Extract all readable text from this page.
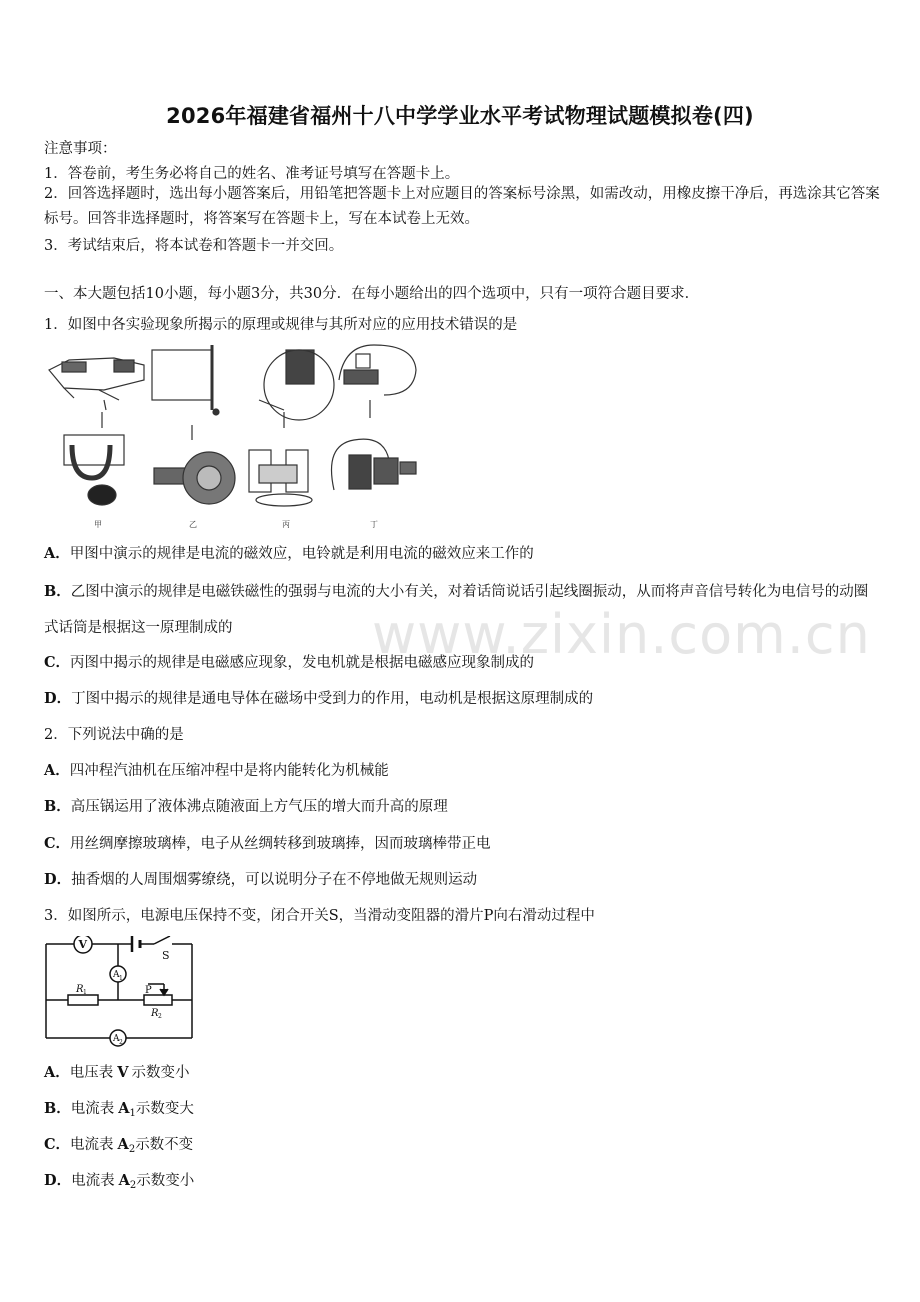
www.zixin.com.cn
2026年福建省福州十八中学学业水平考试物理试题模拟卷(四)
注意事项：
1．答卷前，考生务必将自己的姓名、准考证号填写在答题卡上。
2．回答选择题时，选出每小题答案后，用铅笔把答题卡上对应题目的答案标号涂黑，如需改动，用橡皮擦干净后，再选涂其它答案标号。回答非选择题时，将答案写在答题卡上，写在本试卷上无效。
3．考试结束后，将本试卷和答题卡一并交回。
一、本大题包括10小题，每小题3分，共30分．在每小题给出的四个选项中，只有一项符合题目要求．
1．如图中各实验现象所揭示的原理或规律与其所对应的应用技术错误的是
甲	乙	丙	丁
A．甲图中演示的规律是电流的磁效应，电铃就是利用电流的磁效应来工作的
B．乙图中演示的规律是电磁铁磁性的强弱与电流的大小有关，对着话筒说话引起线圈振动，从而将声音信号转化为电信号的动圈式话筒是根据这一原理制成的
C．丙图中揭示的规律是电磁感应现象，发电机就是根据电磁感应现象制成的
D．丁图中揭示的规律是通电导体在磁场中受到力的作用，电动机是根据这原理制成的
2．下列说法中确的是
A．四冲程汽油机在压缩冲程中是将内能转化为机械能
B．高压锅运用了液体沸点随液面上方气压的增大而升高的原理
C．用丝绸摩擦玻璃棒，电子从丝绸转移到玻璃捧，因而玻璃棒带正电
D．抽香烟的人周围烟雾缭绕，可以说明分子在不停地做无规则运动
3．如图所示，电源电压保持不变，闭合开关S，当滑动变阻器的滑片P向右滑动过程中
V
A 1
A 2
S
P
R 1
R 2
A．电压表 V 示数变小
B．电流表 $A_1$示数变大
C．电流表 $A_2$示数不变
D．电流表 $A_2$示数变小
